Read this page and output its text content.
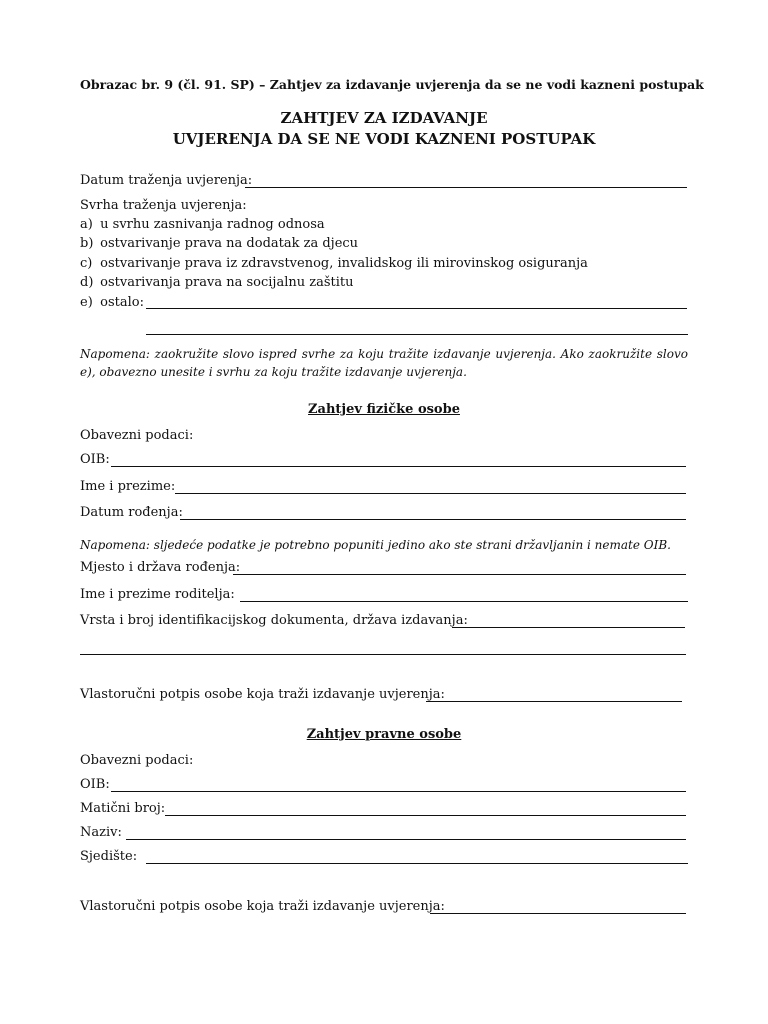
Obrazac br. 9 (čl. 91. SP) – Zahtjev za izdavanje uvjerenja da se ne vodi kazneni postupak
ZAHTJEV ZA IZDAVANJE
UVJERENJA DA SE NE VODI KAZNENI POSTUPAK
Datum traženja uvjerenja:
Svrha traženja uvjerenja:
a) u svrhu zasnivanja radnog odnosa
b) ostvarivanje prava na dodatak za djecu
c) ostvarivanje prava iz zdravstvenog, invalidskog ili mirovinskog osiguranja
d) ostvarivanja prava na socijalnu zaštitu
e) ostalo:
Napomena: zaokružite slovo ispred svrhe za koju tražite izdavanje uvjerenja. Ako zaokružite slovo e), obavezno unesite i svrhu za koju tražite izdavanje uvjerenja.
Zahtjev fizičke osobe
Obavezni podaci:
OIB:
Ime i prezime:
Datum rođenja:
Napomena: sljedeće podatke je potrebno popuniti jedino ako ste strani državljanin i nemate OIB.
Mjesto i država rođenja:
Ime i prezime roditelja:
Vrsta i broj identifikacijskog dokumenta, država izdavanja:
Vlastoručni potpis osobe koja traži izdavanje uvjerenja:
Zahtjev pravne osobe
Obavezni podaci:
OIB:
Matični broj:
Naziv:
Sjedište:
Vlastoručni potpis osobe koja traži izdavanje uvjerenja:
